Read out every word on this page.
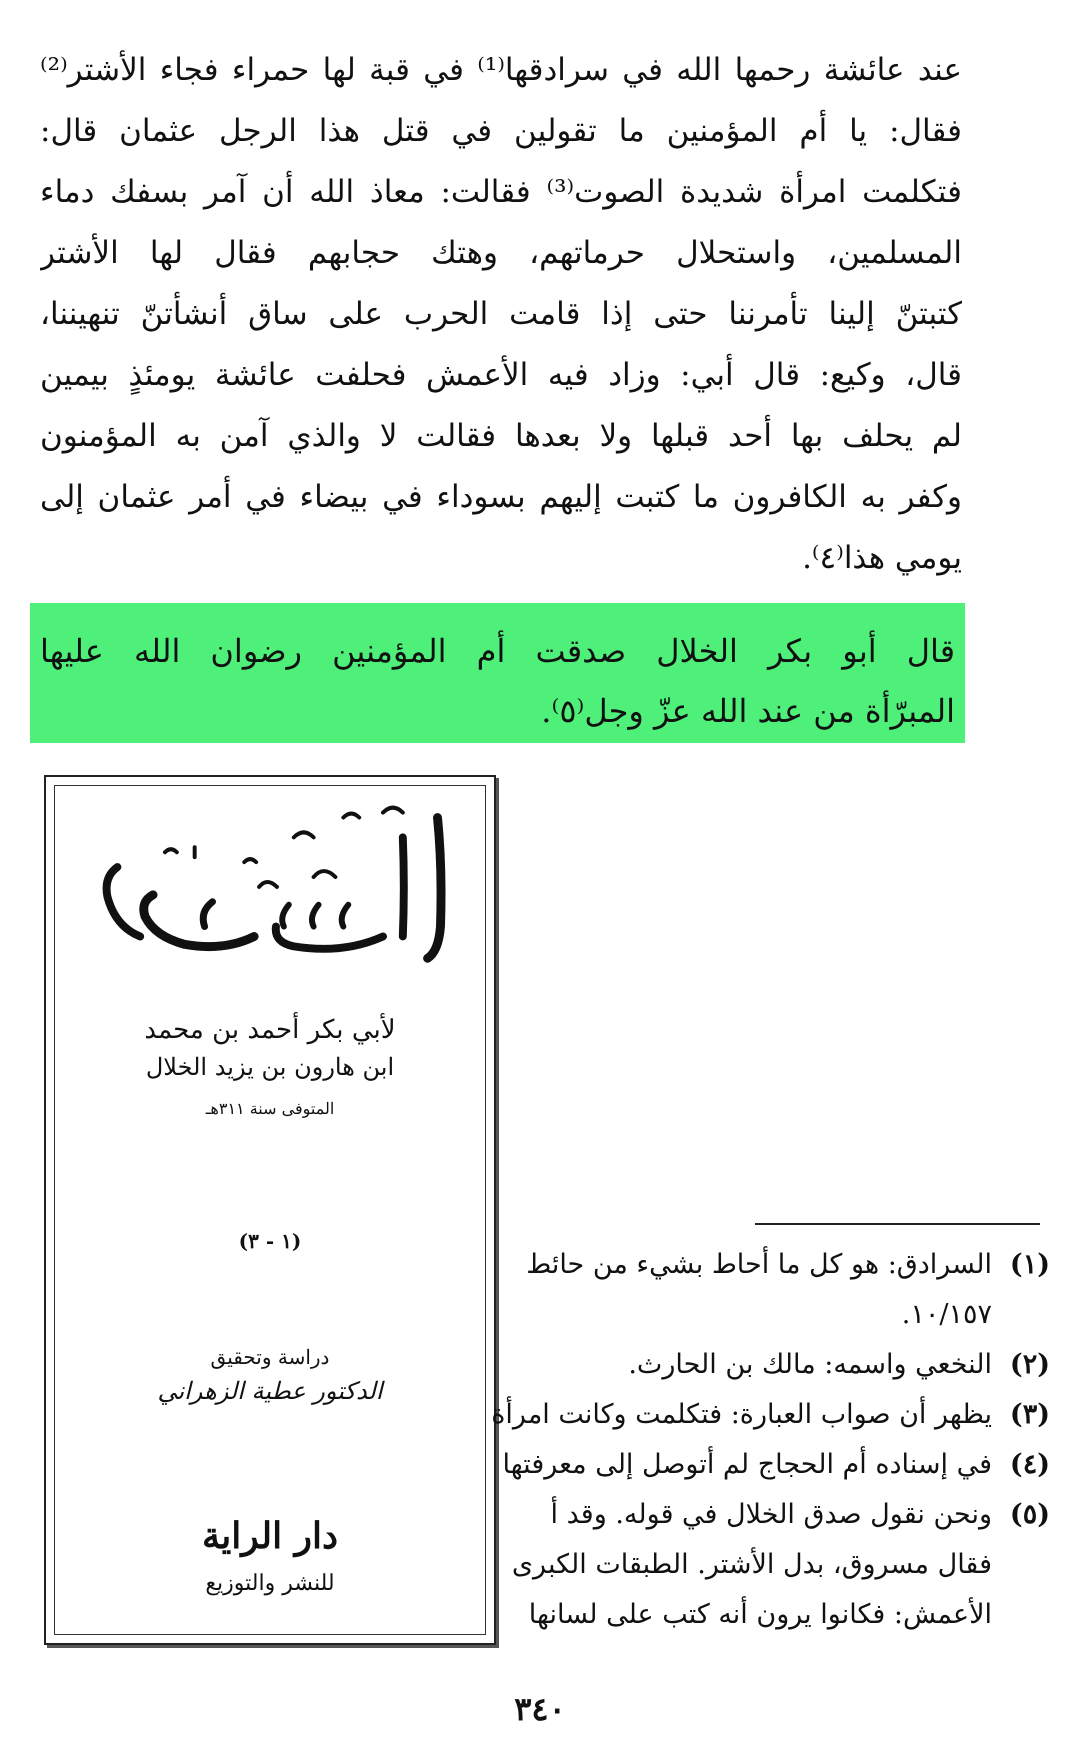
عند عائشة رحمها الله في سرادقها⁽¹⁾ في قبة لها حمراء فجاء الأشتر⁽²⁾
فقال: يا أم المؤمنين ما تقولين في قتل هذا الرجل عثمان قال:
فتكلمت امرأة شديدة الصوت⁽³⁾ فقالت: معاذ الله أن آمر بسفك دماء
المسلمين، واستحلال حرماتهم، وهتك حجابهم فقال لها الأشتر
كتبتنّ إلينا تأمرننا حتى إذا قامت الحرب على ساق أنشأتنّ تنهيننا،
قال، وكيع: قال أبي: وزاد فيه الأعمش فحلفت عائشة يومئذٍ بيمين
لم يحلف بها أحد قبلها ولا بعدها فقالت لا والذي آمن به المؤمنون
وكفر به الكافرون ما كتبت إليهم بسوداء في بيضاء في أمر عثمان إلى
يومي هذا⁽٤⁾.
قال أبو بكر الخلال صدقت أم المؤمنين رضوان الله عليها
المبرّأة من عند الله عزّ وجل⁽٥⁾.
لأبي بكر أحمد بن محمد
ابن هارون بن يزيد الخلال
المتوفى سنة ٣١١هـ
(١ - ٣)
دراسة وتحقيق
الدكتور عطية الزهراني
دار الراية
للنشر والتوزيع
(١)السرادق: هو كل ما أحاط بشيء من حائط
١٠/١٥٧.
(٢)النخعي واسمه: مالك بن الحارث.
(٣)يظهر أن صواب العبارة: فتكلمت وكانت امرأة
(٤)في إسناده أم الحجاج لم أتوصل إلى معرفتها
(٥)ونحن نقول صدق الخلال في قوله. وقد أ
فقال مسروق، بدل الأشتر. الطبقات الكبرى
الأعمش: فكانوا يرون أنه كتب على لسانها
٣٤٠
